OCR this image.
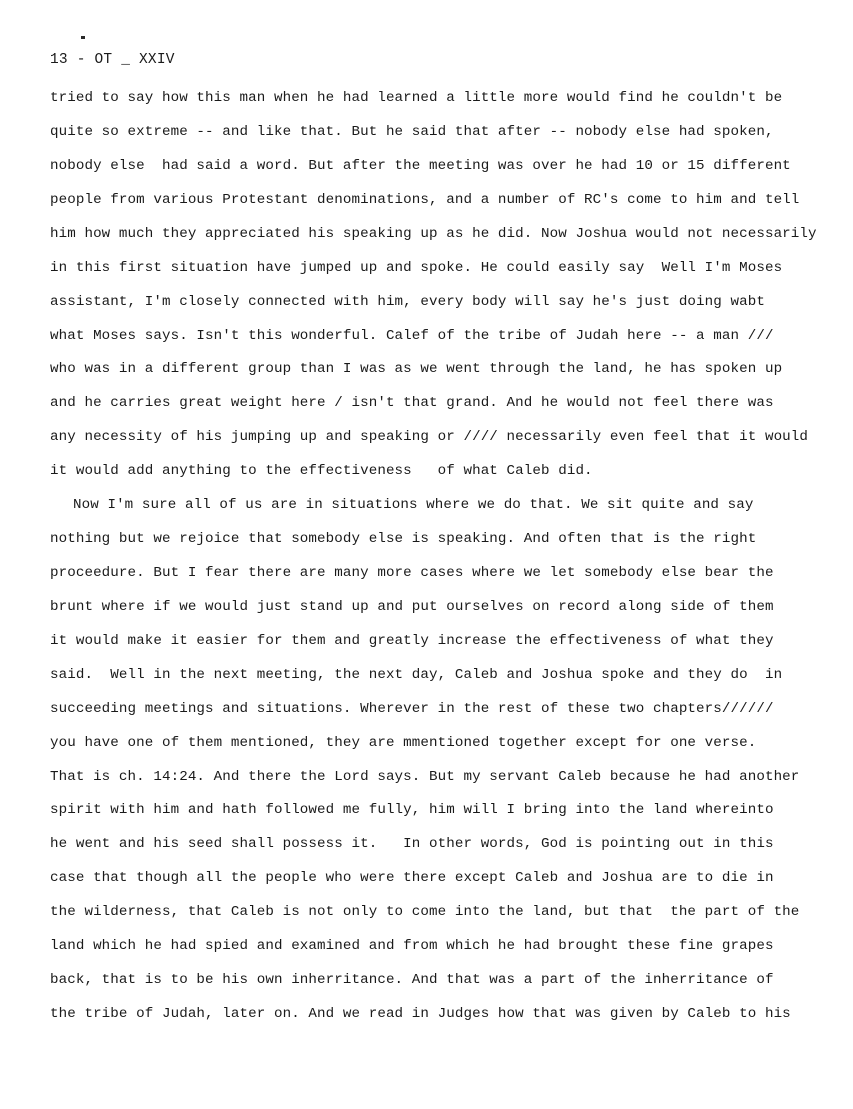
13 - OT _ XXIV
tried to say how this man when he had learned a little more would find he couldn't be
quite so extreme -- and like that. But he said that after -- nobody else had spoken,
nobody else  had said a word. But after the meeting was over he had 10 or 15 different
people from various Protestant denominations, and a number of RC's come to him and tell
him how much they appreciated his speaking up as he did. Now Joshua would not necessarily
in this first situation have jumped up and spoke. He could easily say  Well I'm Moses
assistant, I'm closely connected with him, every body will say he's just doing wabt
what Moses says. Isn't this wonderful. Calef of the tribe of Judah here -- a man ///
who was in a different group than I was as we went through the land, he has spoken up
and he carries great weight here / isn't that grand. And he would not feel there was
any necessity of his jumping up and speaking or //// necessarily even feel that it would
it would add anything to the effectiveness   of what Caleb did.
Now I'm sure all of us are in situations where we do that. We sit quite and say
nothing but we rejoice that somebody else is speaking. And often that is the right
proceedure. But I fear there are many more cases where we let somebody else bear the
brunt where if we would just stand up and put ourselves on record along side of them
it would make it easier for them and greatly increase the effectiveness of what they
said.  Well in the next meeting, the next day, Caleb and Joshua spoke and they do  in
succeeding meetings and situations. Wherever in the rest of these two chapters//////
you have one of them mentioned, they are mmentioned together except for one verse.
That is ch. 14:24. And there the Lord says. But my servant Caleb because he had another
spirit with him and hath followed me fully, him will I bring into the land whereinto
he went and his seed shall possess it.   In other words, God is pointing out in this
case that though all the people who were there except Caleb and Joshua are to die in
the wilderness, that Caleb is not only to come into the land, but that  the part of the
land which he had spied and examined and from which he had brought these fine grapes
back, that is to be his own inherritance. And that was a part of the inherritance of
the tribe of Judah, later on. And we read in Judges how that was given by Caleb to his
